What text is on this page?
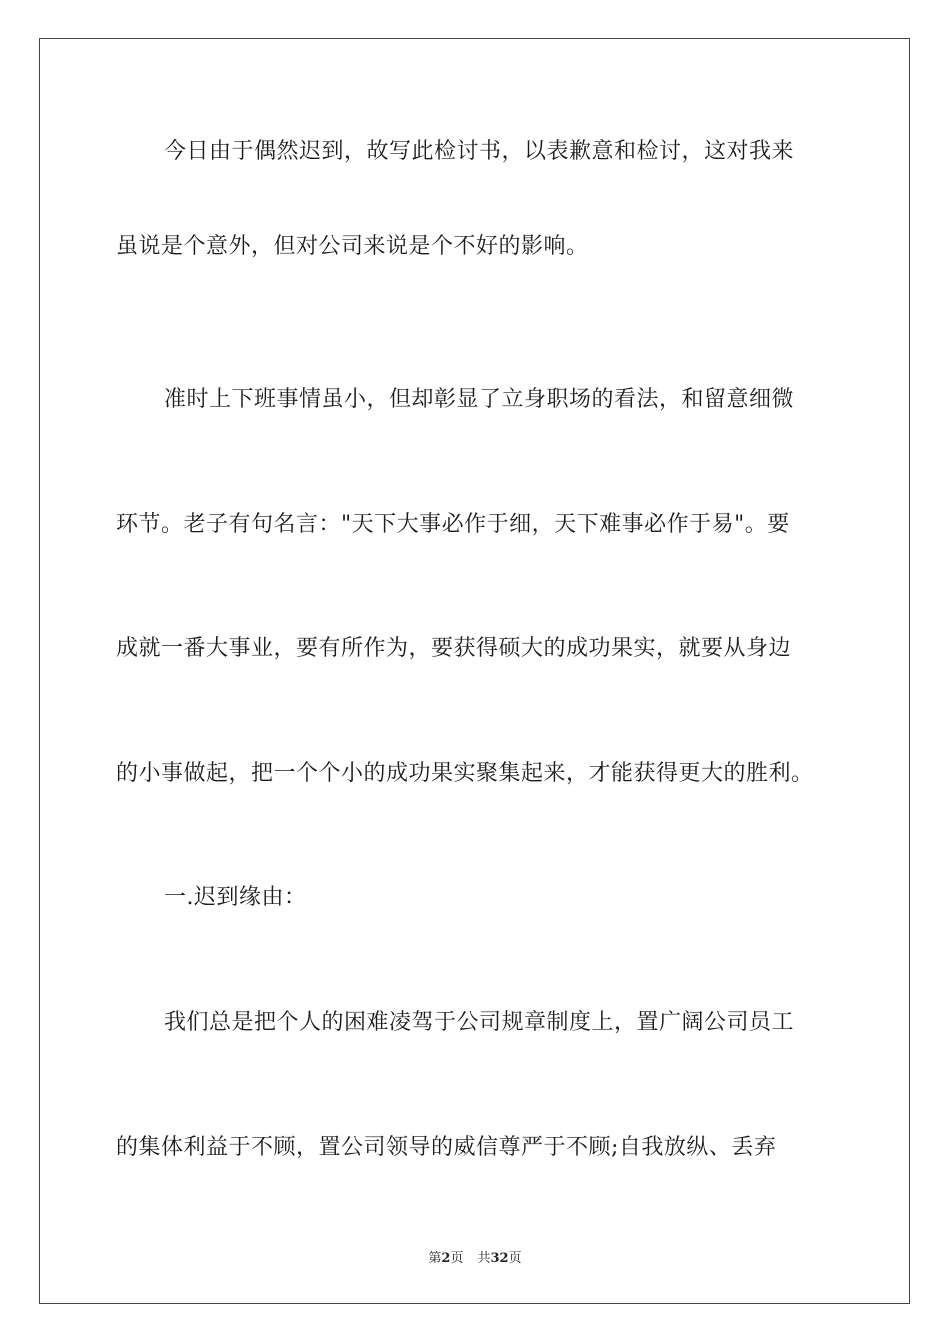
今日由于偶然迟到，故写此检讨书，以表歉意和检讨，这对我来
虽说是个意外，但对公司来说是个不好的影响。
准时上下班事情虽小，但却彰显了立身职场的看法，和留意细微
环节。老子有句名言："天下大事必作于细，天下难事必作于易"。要
成就一番大事业，要有所作为，要获得硕大的成功果实，就要从身边
的小事做起，把一个个小的成功果实聚集起来，才能获得更大的胜利。
一.迟到缘由：
我们总是把个人的困难凌驾于公司规章制度上，置广阔公司员工
的集体利益于不顾，置公司领导的威信尊严于不顾;自我放纵、丢弃
第2页 共32页
